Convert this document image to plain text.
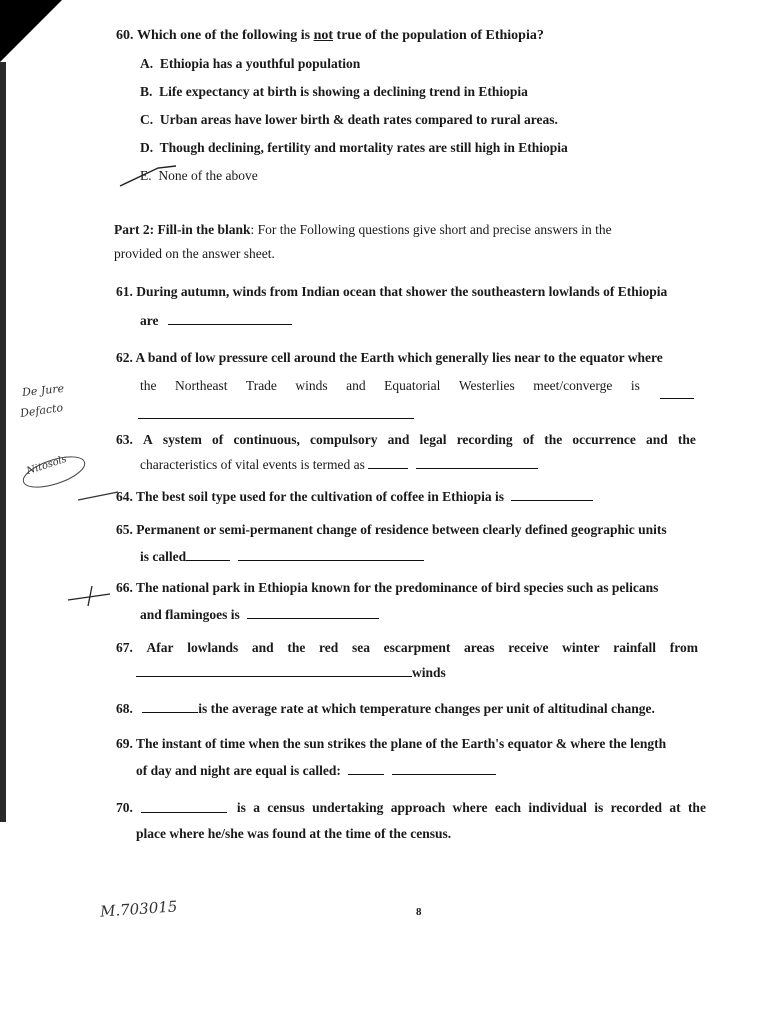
60. Which one of the following is not true of the population of Ethiopia?
A. Ethiopia has a youthful population
B. Life expectancy at birth is showing a declining trend in Ethiopia
C. Urban areas have lower birth & death rates compared to rural areas.
D. Though declining, fertility and mortality rates are still high in Ethiopia
E. None of the above
Part 2: Fill-in the blank: For the Following questions give short and precise answers in the
provided on the answer sheet.
61. During autumn, winds from Indian ocean that shower the southeastern lowlands of Ethiopia
are
62. A band of low pressure cell around the Earth which generally lies near to the equator where
the Northeast Trade winds and Equatorial Westerlies meet/converge is
63. A system of continuous, compulsory and legal recording of the occurrence and the
characteristics of vital events is termed as
64. The best soil type used for the cultivation of coffee in Ethiopia is
65. Permanent or semi-permanent change of residence between clearly defined geographic units
is called
66. The national park in Ethiopia known for the predominance of bird species such as pelicans
and flamingoes is
67. Afar lowlands and the red sea escarpment areas receive winter rainfall from
winds
68.	is the average rate at which temperature changes per unit of altitudinal change.
69. The instant of time when the sun strikes the plane of the Earth's equator & where the length
of day and night are equal is called:
70.	is a census undertaking approach where each individual is recorded at the
place where he/she was found at the time of the census.
De Jure
Defacto
Nitosols
M.703015	8
